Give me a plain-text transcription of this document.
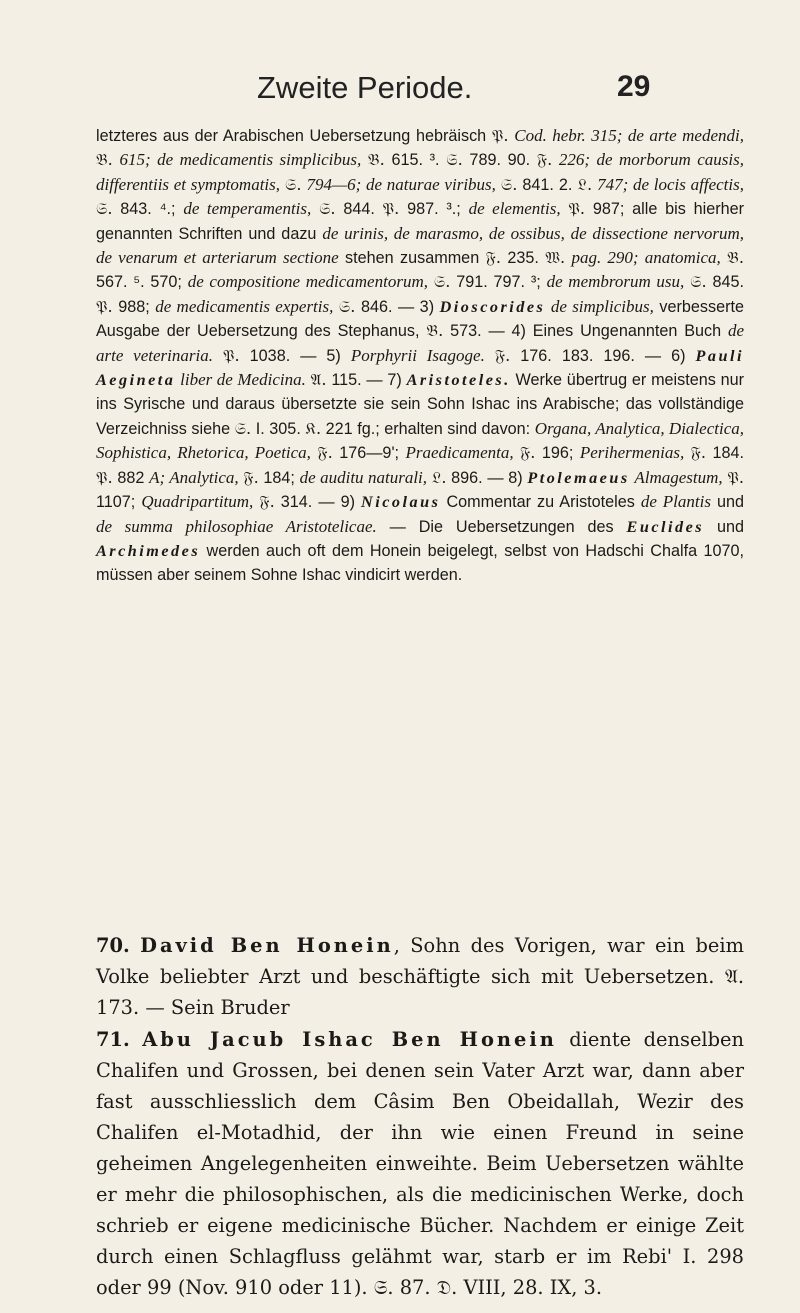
Zweite Periode.	29
letzteres aus der Arabischen Uebersetzung hebräisch 𝔓. Cod. hebr. 315; de arte medendi, 𝔅. 615; de medicamentis simplicibus, 𝔅. 615. ³. 𝔖. 789. 90. 𝔉. 226; de morborum causis, differentiis et symptomatis, 𝔖. 794—6; de naturae viribus, 𝔖. 841. 2. 𝔏. 747; de locis affectis, 𝔖. 843. ⁴.; de temperamentis, 𝔖. 844. 𝔓. 987. ³.; de elementis, 𝔓. 987; alle bis hierher genannten Schriften und dazu de urinis, de marasmo, de ossibus, de dissectione nervorum, de venarum et arteriarum sectione stehen zusammen 𝔉. 235. 𝔚. pag. 290; anatomica, 𝔅. 567. ⁵. 570; de compositione medicamentorum, 𝔖. 791. 797. ³; de membrorum usu, 𝔖. 845. 𝔓. 988; de medicamentis expertis, 𝔖. 846. — 3) Dioscorides de simplicibus, verbesserte Ausgabe der Uebersetzung des Stephanus, 𝔅. 573. — 4) Eines Ungenannten Buch de arte veterinaria. 𝔓. 1038. — 5) Porphyrii Isagoge. 𝔉. 176. 183. 196. — 6) Pauli Aegineta liber de Medicina. 𝔄. 115. — 7) Aristoteles. Werke übertrug er meistens nur ins Syrische und daraus übersetzte sie sein Sohn Ishac ins Arabische; das vollständige Verzeichniss siehe 𝔖. I. 305. 𝔎. 221 fg.; erhalten sind davon: Organa, Analytica, Dialectica, Sophistica, Rhetorica, Poetica, 𝔉. 176—9'; Praedicamenta, 𝔉. 196; Perihermenias, 𝔉. 184. 𝔓. 882 A; Analytica, 𝔉. 184; de auditu naturali, 𝔏. 896. — 8) Ptolemaeus Almagestum, 𝔓. 1107; Quadripartitum, 𝔉. 314. — 9) Nicolaus Commentar zu Aristoteles de Plantis und de summa philosophiae Aristotelicae. — Die Uebersetzungen des Euclides und Archimedes werden auch oft dem Honein beigelegt, selbst von Hadschi Chalfa 1070, müssen aber seinem Sohne Ishac vindicirt werden.

70. David Ben Honein, Sohn des Vorigen, war ein beim Volke beliebter Arzt und beschäftigte sich mit Uebersetzen. 𝔄. 173. — Sein Bruder

71. Abu Jacub Ishac Ben Honein diente denselben Chalifen und Grossen, bei denen sein Vater Arzt war, dann aber fast ausschliesslich dem Câsim Ben Obeidallah, Wezir des Chalifen el-Motadhid, der ihn wie einen Freund in seine geheimen Angelegenheiten einweihte. Beim Uebersetzen wählte er mehr die philosophischen, als die medicinischen Werke, doch schrieb er eigene medicinische Bücher. Nachdem er einige Zeit durch einen Schlagfluss gelähmt war, starb er im Rebi' I. 298 oder 99 (Nov. 910 oder 11). 𝔖. 87. 𝔇. VIII, 28. IX, 3.
